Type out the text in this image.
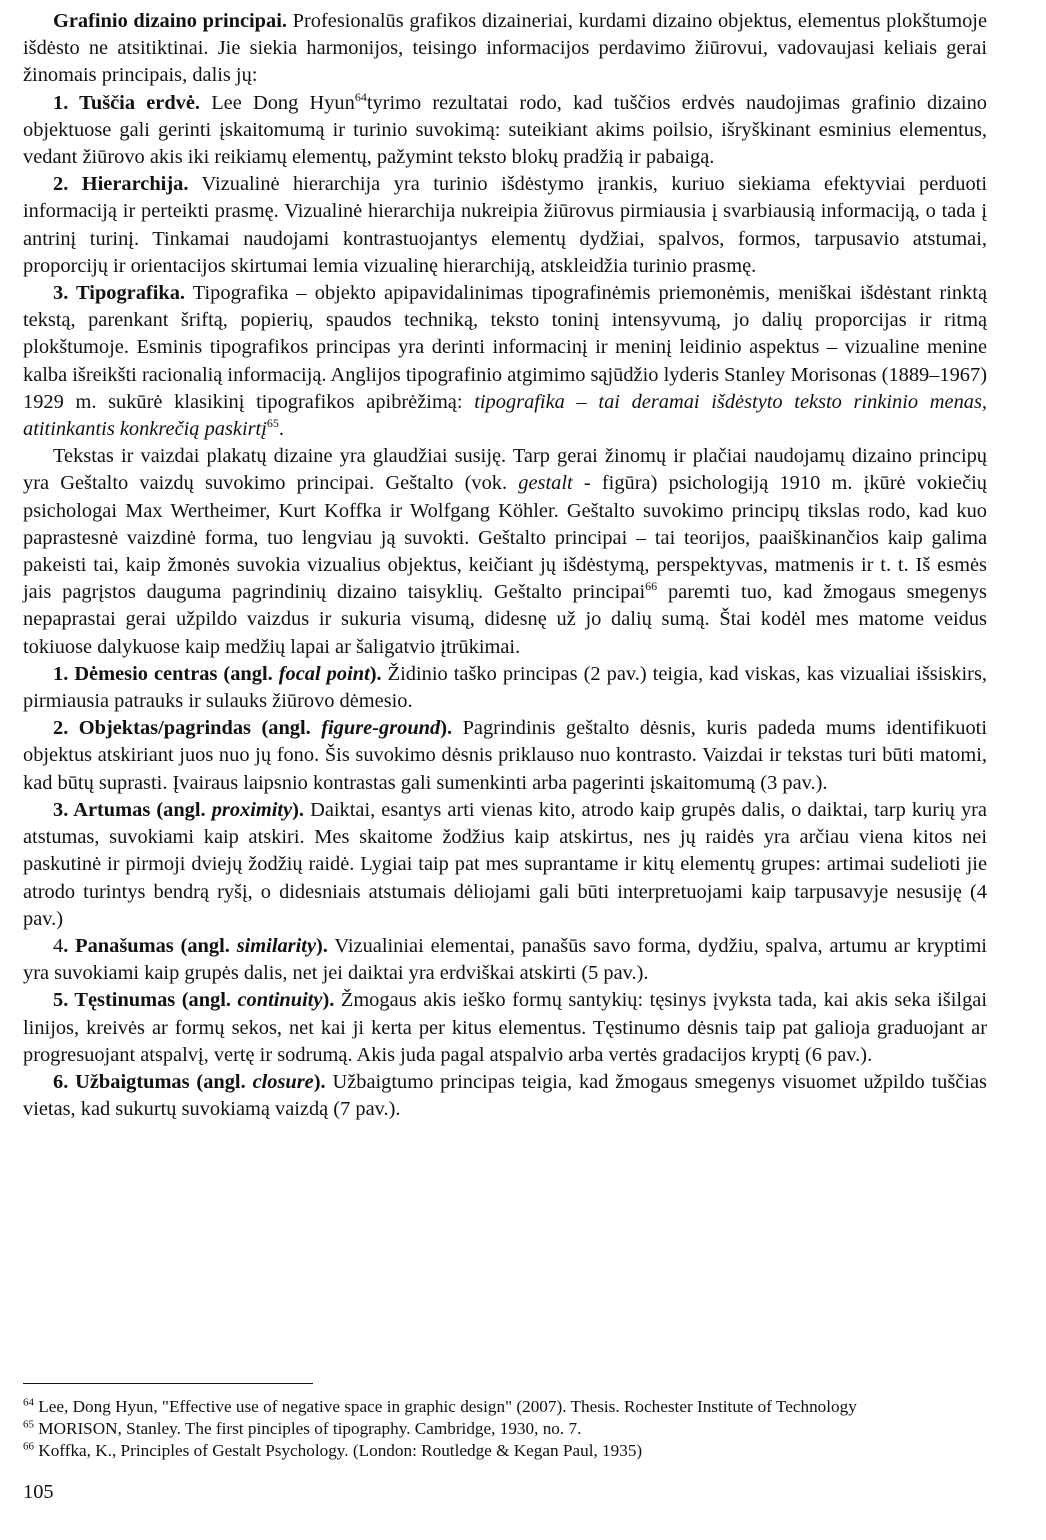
Grafinio dizaino principai. Profesionalūs grafikos dizaineriai, kurdami dizaino objektus, elementus plokštumoje išdėsto ne atsitiktinai. Jie siekia harmonijos, teisingo informacijos perdavimo žiūrovui, vadovaujasi keliais gerai žinomais principais, dalis jų:

1. Tuščia erdvė. Lee Dong Hyun$^{64}$tyrimo rezultatai rodo, kad tuščios erdvės naudojimas grafinio dizaino objektuose gali gerinti įskaitomumą ir turinio suvokimą: suteikiant akims poilsio, išryškinant esminius elementus, vedant žiūrovo akis iki reikiamų elementų, pažymint teksto blokų pradžią ir pabaigą.

2. Hierarchija. Vizualinė hierarchija yra turinio išdėstymo įrankis, kuriuo siekiama efektyviai perduoti informaciją ir perteikti prasmę. Vizualinė hierarchija nukreipia žiūrovus pirmiausia į svarbiausią informaciją, o tada į antrinį turinį. Tinkamai naudojami kontrastuojantys elementų dydžiai, spalvos, formos, tarpusavio atstumai, proporcijų ir orientacijos skirtumai lemia vizualinę hierarchiją, atskleidžia turinio prasmę.

3. Tipografika. Tipografika – objekto apipavidalinimas tipografinėmis priemonėmis, meniškai išdėstant rinktą tekstą, parenkant šriftą, popierių, spaudos techniką, teksto toninį intensyvumą, jo dalių proporcijas ir ritmą plokštumoje. Esminis tipografikos principas yra derinti informacinį ir meninį leidinio aspektus – vizualine menine kalba išreikšti racionalią informaciją. Anglijos tipografinio atgimimo sąjūdžio lyderis Stanley Morisonas (1889–1967) 1929 m. sukūrė klasikinį tipografikos apibrėžimą: tipografika – tai deramai išdėstyto teksto rinkinio menas, atitinkantis konkrečią paskirtį$^{65}$.

Tekstas ir vaizdai plakatų dizaine yra glaudžiai susiję. Tarp gerai žinomų ir plačiai naudojamų dizaino principų yra Geštalto vaizdų suvokimo principai. Geštalto (vok. gestalt - figūra) psichologiją 1910 m. įkūrė vokiečių psichologai Max Wertheimer, Kurt Koffka ir Wolfgang Köhler. Geštalto suvokimo principų tikslas rodo, kad kuo paprastesnė vaizdinė forma, tuo lengviau ją suvokti. Geštalto principai – tai teorijos, paaiškinančios kaip galima pakeisti tai, kaip žmonės suvokia vizualius objektus, keičiant jų išdėstymą, perspektyvas, matmenis ir t. t. Iš esmės jais pagrįstos dauguma pagrindinių dizaino taisyklių. Geštalto principai$^{66}$ paremti tuo, kad žmogaus smegenys nepaprastai gerai užpildo vaizdus ir sukuria visumą, didesnę už jo dalių sumą. Štai kodėl mes matome veidus tokiuose dalykuose kaip medžių lapai ar šaligatvio įtrūkimai.

1. Dėmesio centras (angl. focal point). Židinio taško principas (2 pav.) teigia, kad viskas, kas vizualiai išsiskirs, pirmiausia patrauks ir sulauks žiūrovo dėmesio.

2. Objektas/pagrindas (angl. figure-ground). Pagrindinis geštalto dėsnis, kuris padeda mums identifikuoti objektus atskiriant juos nuo jų fono. Šis suvokimo dėsnis priklauso nuo kontrasto. Vaizdai ir tekstas turi būti matomi, kad būtų suprasti. Įvairaus laipsnio kontrastas gali sumenkinti arba pagerinti įskaitomumą (3 pav.).

3. Artumas (angl. proximity). Daiktai, esantys arti vienas kito, atrodo kaip grupės dalis, o daiktai, tarp kurių yra atstumas, suvokiami kaip atskiri. Mes skaitome žodžius kaip atskirtus, nes jų raidės yra arčiau viena kitos nei paskutinė ir pirmoji dviejų žodžių raidė. Lygiai taip pat mes suprantame ir kitų elementų grupes: artimai sudelioti jie atrodo turintys bendrą ryšį, o didesniais atstumais dėliojami gali būti interpretuojami kaip tarpusavyje nesusiję (4 pav.)

4. Panašumas (angl. similarity). Vizualiniai elementai, panašūs savo forma, dydžiu, spalva, artumu ar kryptimi yra suvokiami kaip grupės dalis, net jei daiktai yra erdviškai atskirti (5 pav.).

5. Tęstinumas (angl. continuity). Žmogaus akis ieško formų santykių: tęsinys įvyksta tada, kai akis seka išilgai linijos, kreivės ar formų sekos, net kai ji kerta per kitus elementus. Tęstinumo dėsnis taip pat galioja graduojant ar progresuojant atspalvį, vertę ir sodrumą. Akis juda pagal atspalvio arba vertės gradacijos kryptį (6 pav.).

6. Užbaigtumas (angl. closure). Užbaigtumo principas teigia, kad žmogaus smegenys visuomet užpildo tuščias vietas, kad sukurtų suvokiamą vaizdą (7 pav.).

$^{64}$ Lee, Dong Hyun, "Effective use of negative space in graphic design" (2007). Thesis. Rochester Institute of Technology
$^{65}$ MORISON, Stanley. The first pinciples of tipography. Cambridge, 1930, no. 7.
$^{66}$ Koffka, K., Principles of Gestalt Psychology. (London: Routledge & Kegan Paul, 1935)
105
